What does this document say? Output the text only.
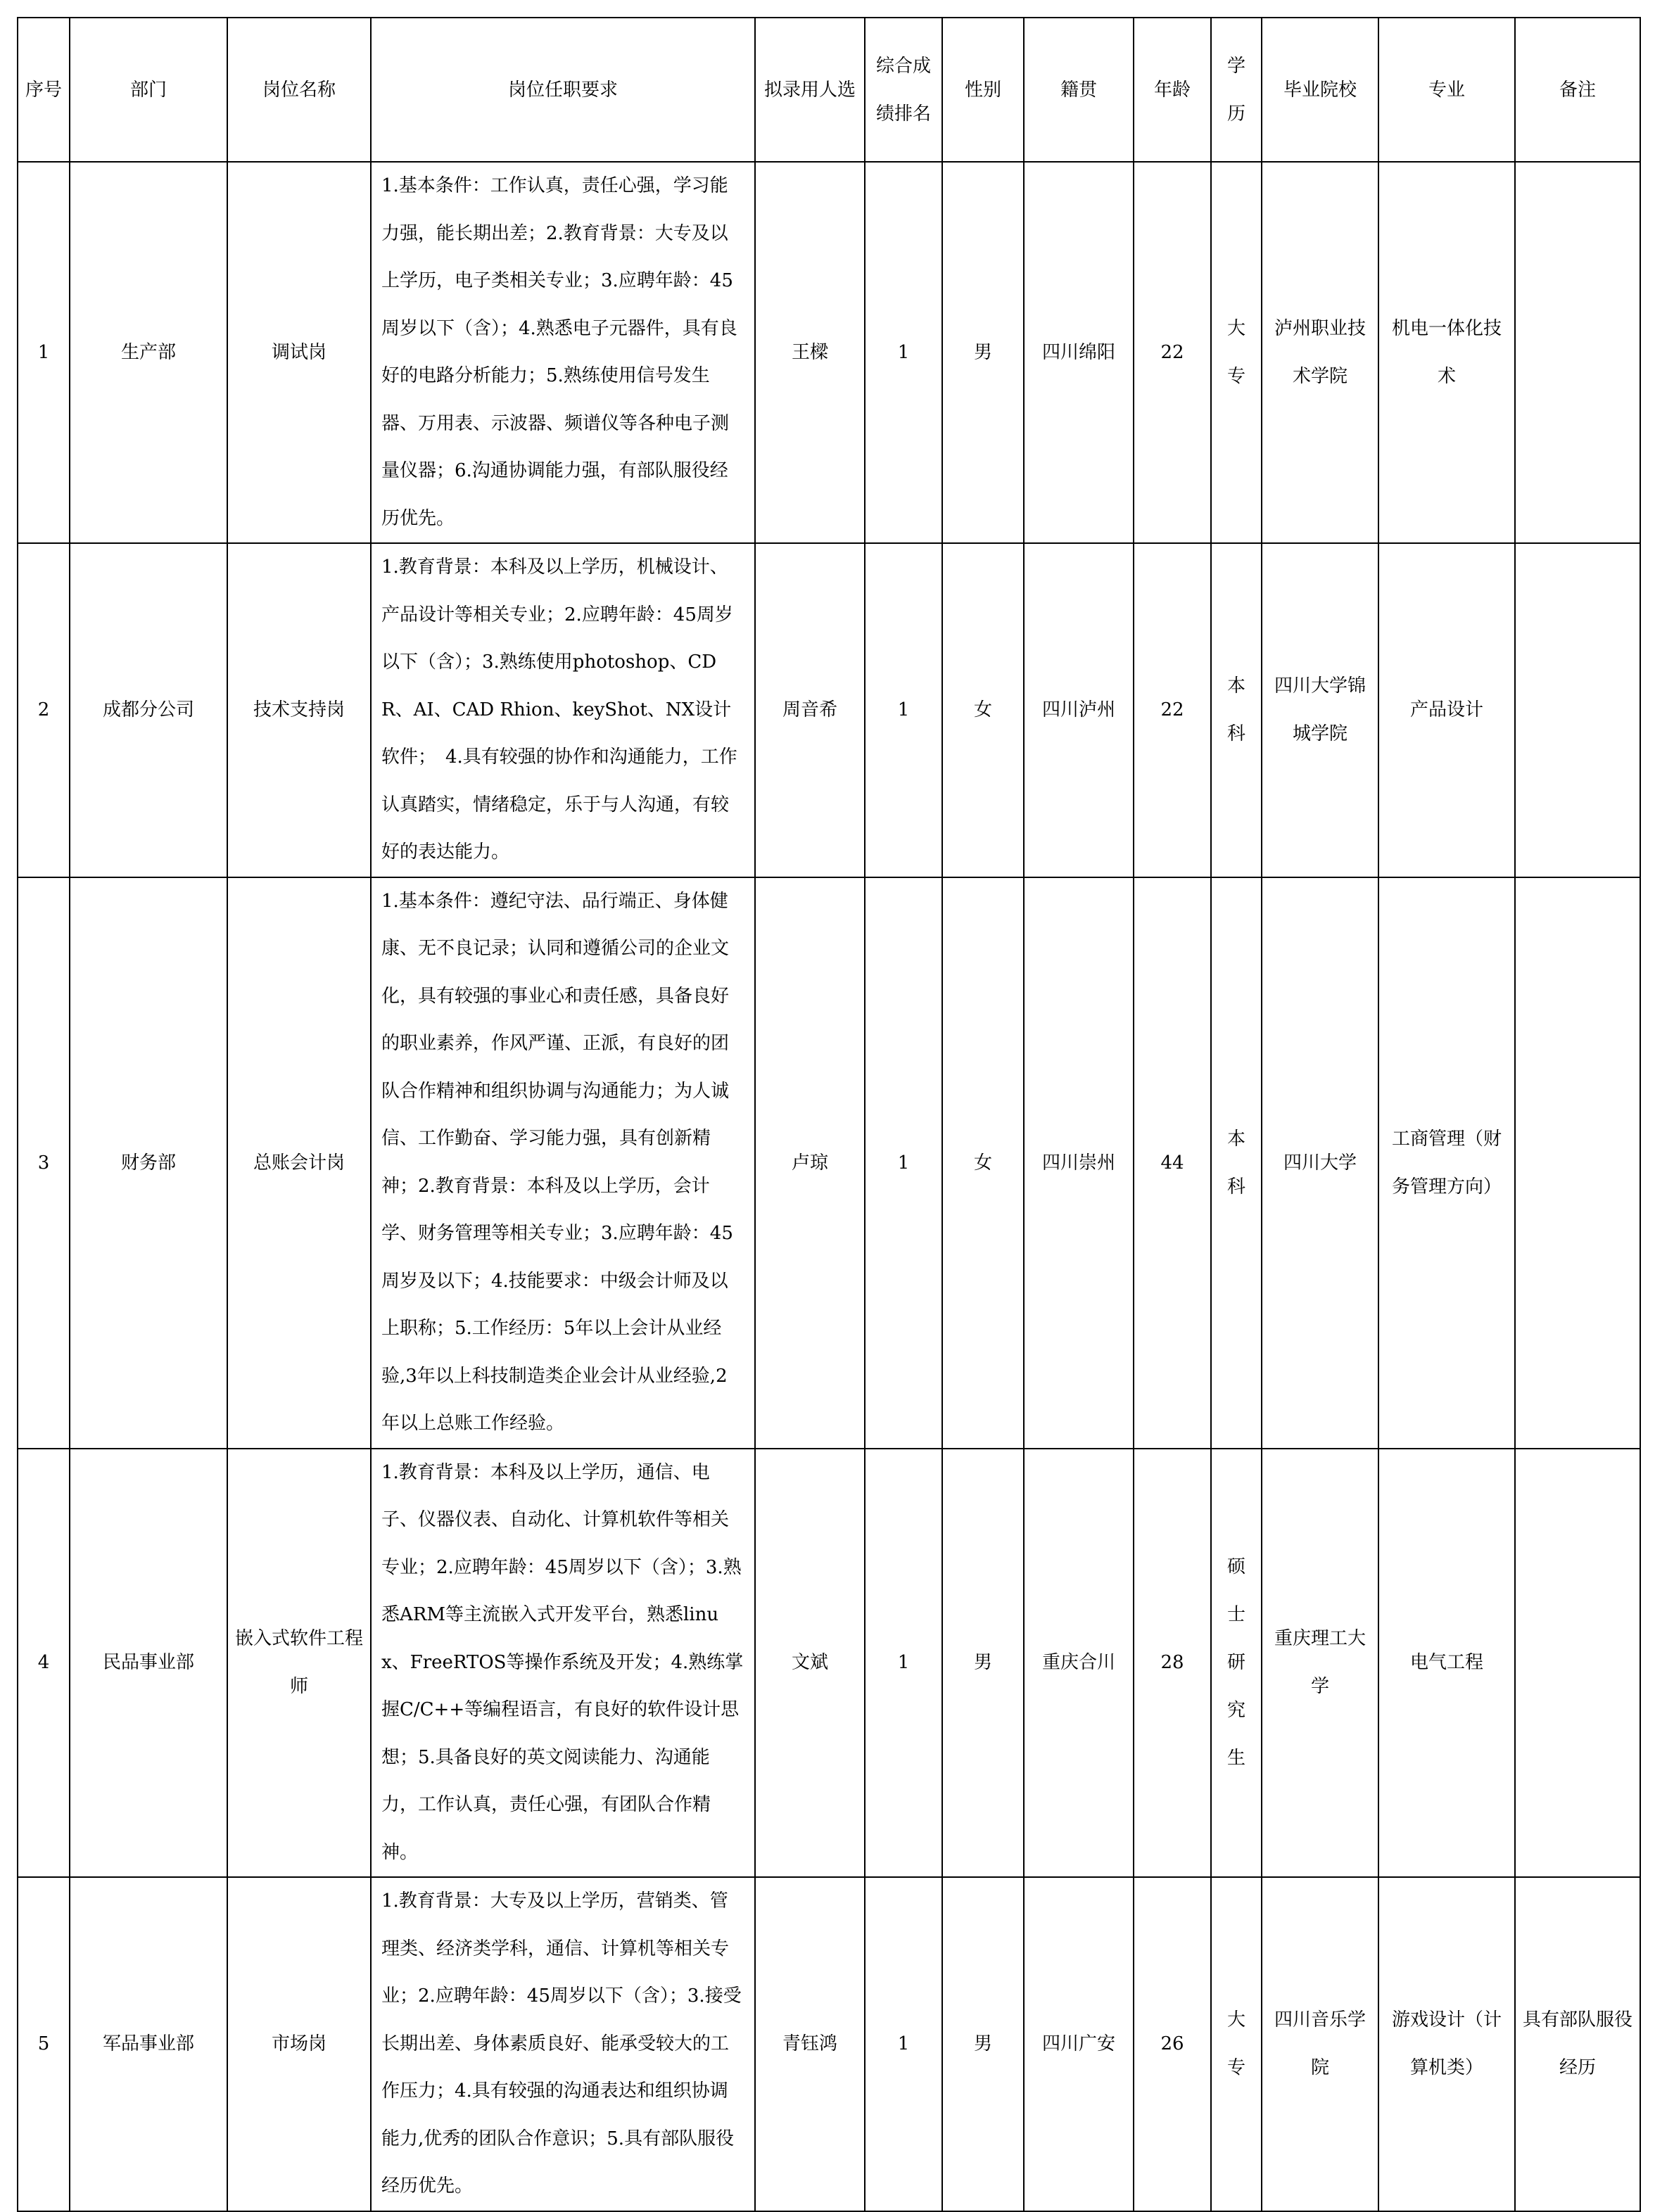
序号	部门	岗位名称	岗位任职要求	拟录用人选	综合成绩排名	性别	籍贯	年龄	学历	毕业院校	专业	备注
1	生产部	调试岗	1.基本条件：工作认真，责任心强，学习能力强，能长期出差；2.教育背景：大专及以上学历，电子类相关专业；3.应聘年龄：45周岁以下（含）；4.熟悉电子元器件，具有良好的电路分析能力；5.熟练使用信号发生器、万用表、示波器、频谱仪等各种电子测量仪器；6.沟通协调能力强，有部队服役经历优先。	王樑	1	男	四川绵阳	22	大专	泸州职业技术学院	机电一体化技术	
2	成都分公司	技术支持岗	1.教育背景：本科及以上学历，机械设计、产品设计等相关专业；2.应聘年龄：45周岁以下（含）；3.熟练使用photoshop、CDR、AI、CAD Rhion、keyShot、NX设计软件；　4.具有较强的协作和沟通能力，工作认真踏实，情绪稳定，乐于与人沟通，有较好的表达能力。	周音希	1	女	四川泸州	22	本科	四川大学锦城学院	产品设计	
3	财务部	总账会计岗	1.基本条件：遵纪守法、品行端正、身体健康、无不良记录；认同和遵循公司的企业文化，具有较强的事业心和责任感，具备良好的职业素养，作风严谨、正派，有良好的团队合作精神和组织协调与沟通能力；为人诚信、工作勤奋、学习能力强，具有创新精神；2.教育背景：本科及以上学历，会计学、财务管理等相关专业；3.应聘年龄：45周岁及以下；4.技能要求：中级会计师及以上职称；5.工作经历：5年以上会计从业经验,3年以上科技制造类企业会计从业经验,2年以上总账工作经验。	卢琼	1	女	四川崇州	44	本科	四川大学	工商管理（财务管理方向）	
4	民品事业部	嵌入式软件工程师	1.教育背景：本科及以上学历，通信、电子、仪器仪表、自动化、计算机软件等相关专业；2.应聘年龄：45周岁以下（含）；3.熟悉ARM等主流嵌入式开发平台，熟悉linux、FreeRTOS等操作系统及开发；4.熟练掌握C/C++等编程语言，有良好的软件设计思想；5.具备良好的英文阅读能力、沟通能力，工作认真，责任心强，有团队合作精神。	文斌	1	男	重庆合川	28	硕士研究生	重庆理工大学	电气工程	
5	军品事业部	市场岗	1.教育背景：大专及以上学历，营销类、管理类、经济类学科，通信、计算机等相关专业；2.应聘年龄：45周岁以下（含）；3.接受长期出差、身体素质良好、能承受较大的工作压力；4.具有较强的沟通表达和组织协调能力,优秀的团队合作意识；5.具有部队服役经历优先。	青钰鸿	1	男	四川广安	26	大专	四川音乐学院	游戏设计（计算机类）	具有部队服役经历
